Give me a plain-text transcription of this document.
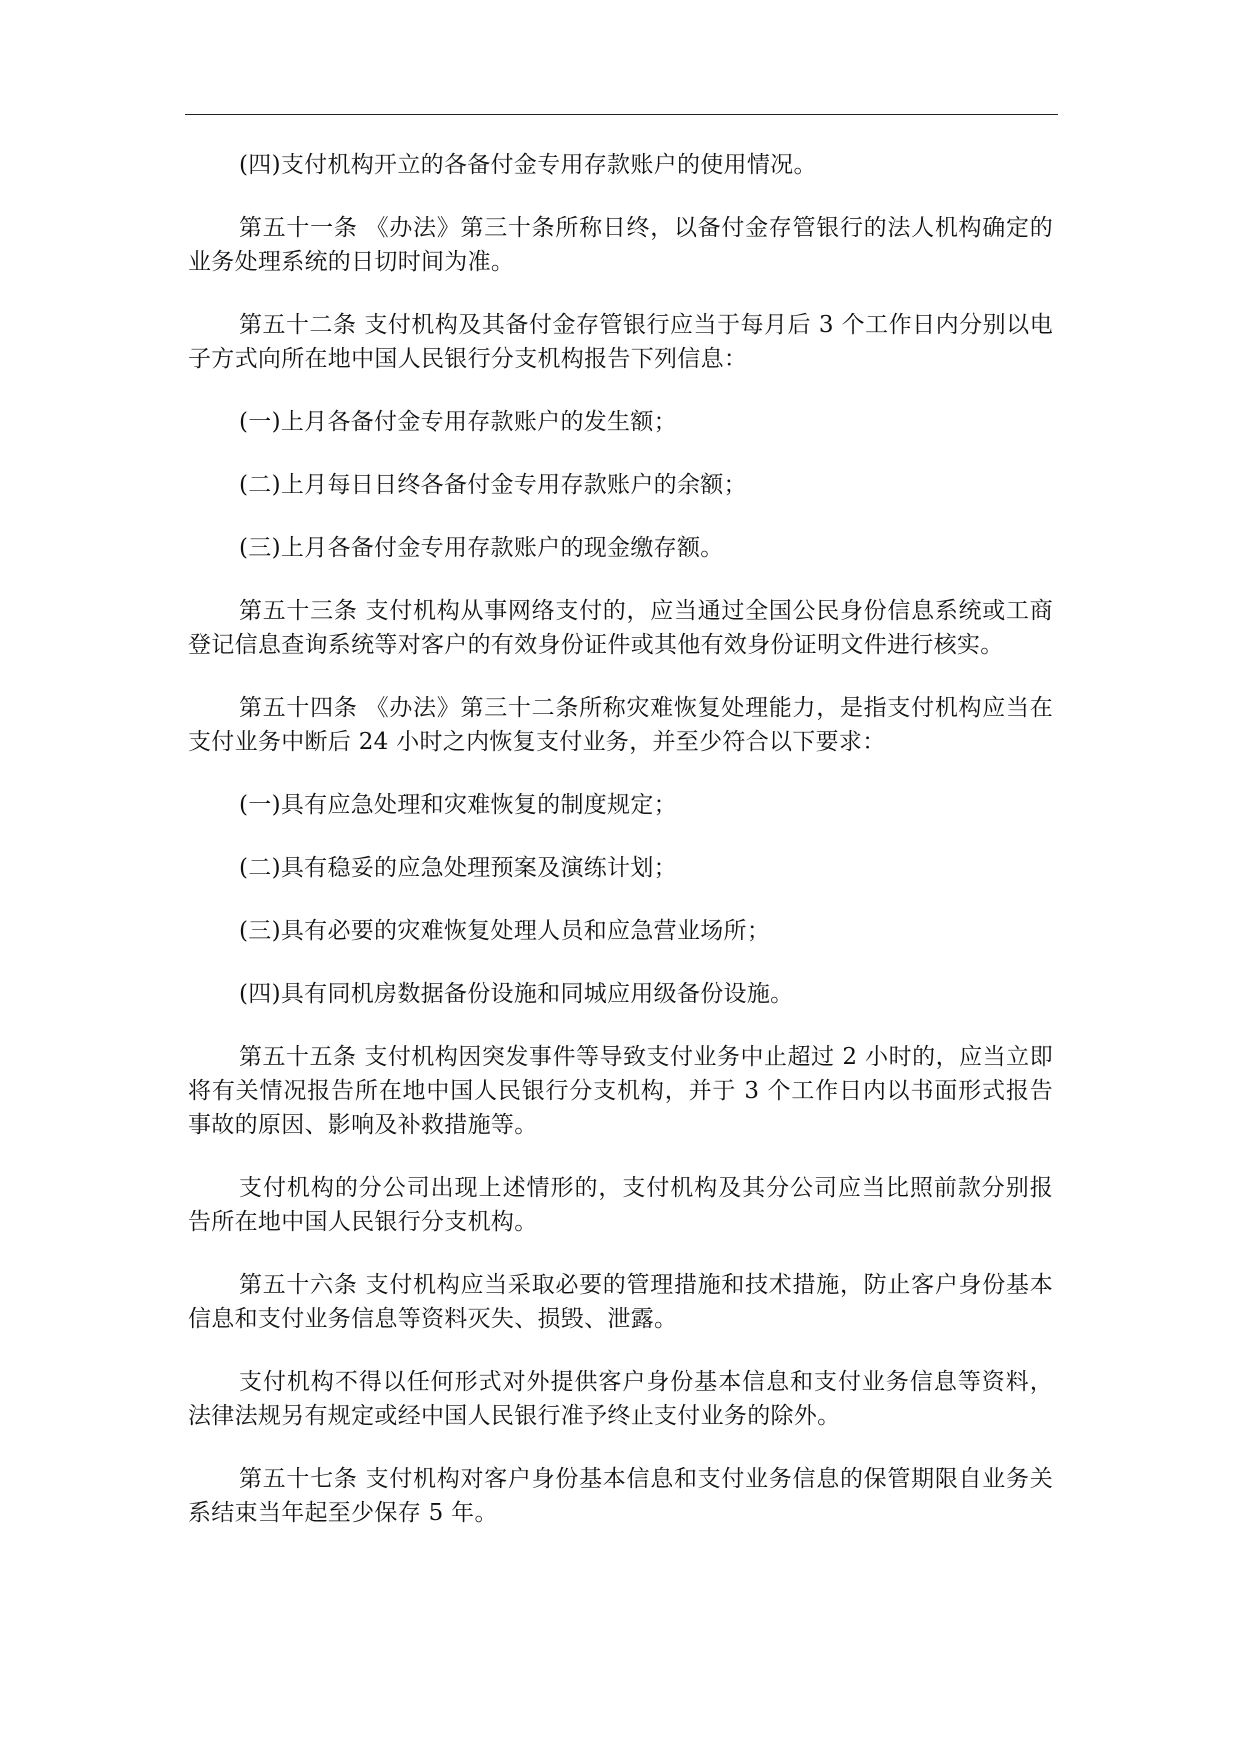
(四)支付机构开立的各备付金专用存款账户的使用情况。

第五十一条 《办法》第三十条所称日终，以备付金存管银行的法人机构确定的业务处理系统的日切时间为准。

第五十二条 支付机构及其备付金存管银行应当于每月后 3 个工作日内分别以电子方式向所在地中国人民银行分支机构报告下列信息：

(一)上月各备付金专用存款账户的发生额；

(二)上月每日日终各备付金专用存款账户的余额；

(三)上月各备付金专用存款账户的现金缴存额。

第五十三条 支付机构从事网络支付的，应当通过全国公民身份信息系统或工商登记信息查询系统等对客户的有效身份证件或其他有效身份证明文件进行核实。

第五十四条 《办法》第三十二条所称灾难恢复处理能力，是指支付机构应当在支付业务中断后 24 小时之内恢复支付业务，并至少符合以下要求：

(一)具有应急处理和灾难恢复的制度规定；

(二)具有稳妥的应急处理预案及演练计划；

(三)具有必要的灾难恢复处理人员和应急营业场所；

(四)具有同机房数据备份设施和同城应用级备份设施。

第五十五条 支付机构因突发事件等导致支付业务中止超过 2 小时的，应当立即将有关情况报告所在地中国人民银行分支机构，并于 3 个工作日内以书面形式报告事故的原因、影响及补救措施等。

支付机构的分公司出现上述情形的，支付机构及其分公司应当比照前款分别报告所在地中国人民银行分支机构。

第五十六条 支付机构应当采取必要的管理措施和技术措施，防止客户身份基本信息和支付业务信息等资料灭失、损毁、泄露。

支付机构不得以任何形式对外提供客户身份基本信息和支付业务信息等资料，法律法规另有规定或经中国人民银行准予终止支付业务的除外。

第五十七条 支付机构对客户身份基本信息和支付业务信息的保管期限自业务关系结束当年起至少保存 5 年。
